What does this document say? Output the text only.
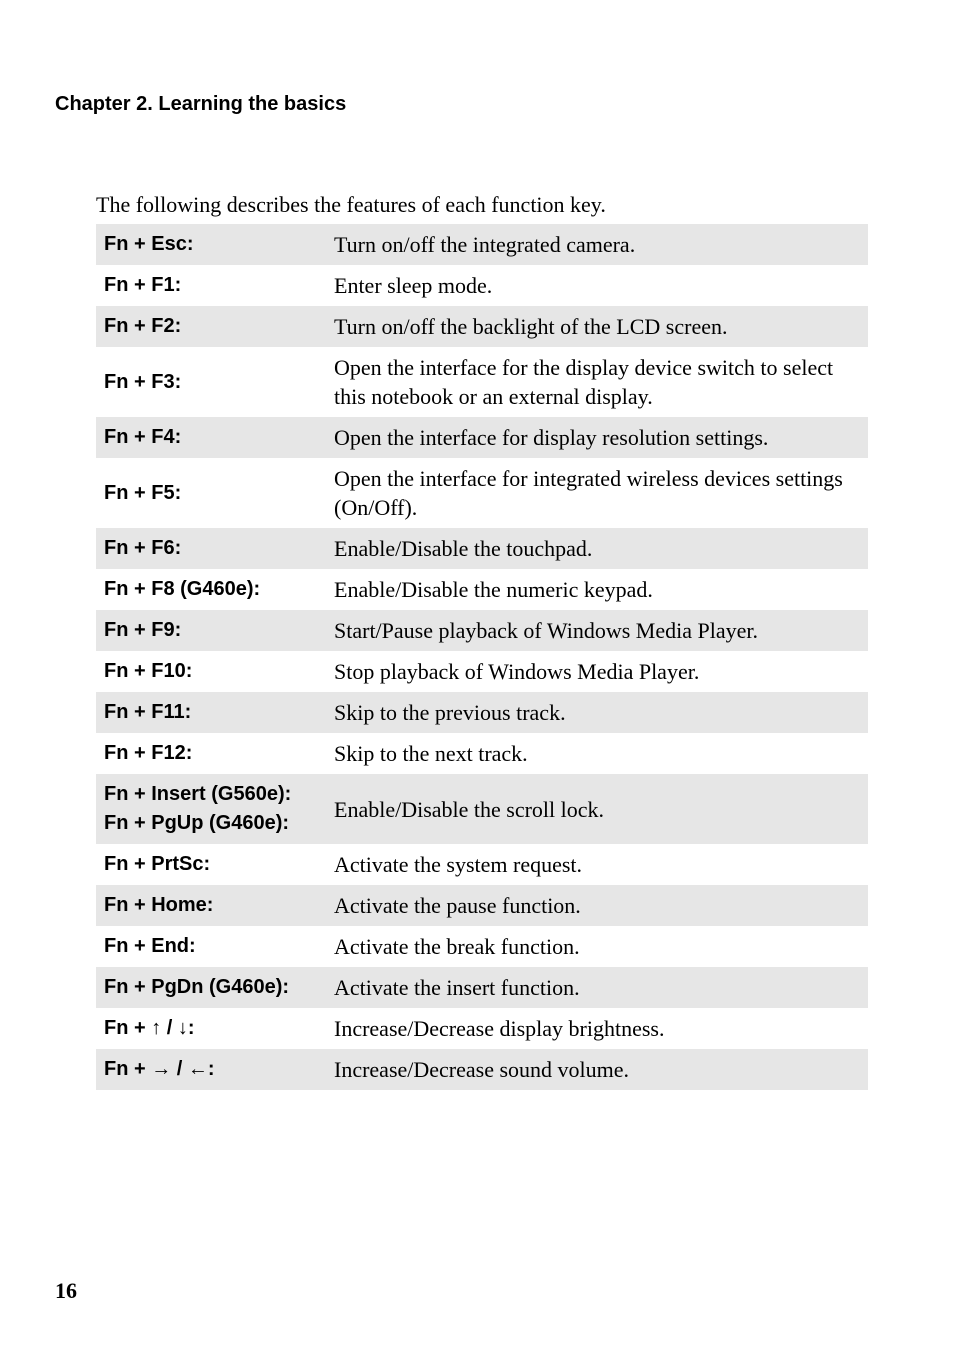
Chapter 2. Learning the basics
The following describes the features of each function key.
Fn + Esc:	Turn on/off the integrated camera.

Fn + F1:	Enter sleep mode.

Fn + F2:	Turn on/off the backlight of the LCD screen.

Fn + F3:	Open the interface for the display device switch to select this notebook or an external display.

Fn + F4:	Open the interface for display resolution settings.

Fn + F5:	Open the interface for integrated wireless devices settings (On/Off).

Fn + F6:	Enable/Disable the touchpad.

Fn + F8 (G460e):	Enable/Disable the numeric keypad.

Fn + F9:	Start/Pause playback of Windows Media Player.

Fn + F10:	Stop playback of Windows Media Player.

Fn + F11:	Skip to the previous track.

Fn + F12:	Skip to the next track.

Fn + Insert (G560e):
Fn + PgUp (G460e):	Enable/Disable the scroll lock.

Fn + PrtSc:	Activate the system request.

Fn + Home:	Activate the pause function.

Fn + End:	Activate the break function.

Fn + PgDn (G460e):	Activate the insert function.

Fn + ↑ / ↓:	Increase/Decrease display brightness.

Fn + → / ←:	Increase/Decrease sound volume.
16
